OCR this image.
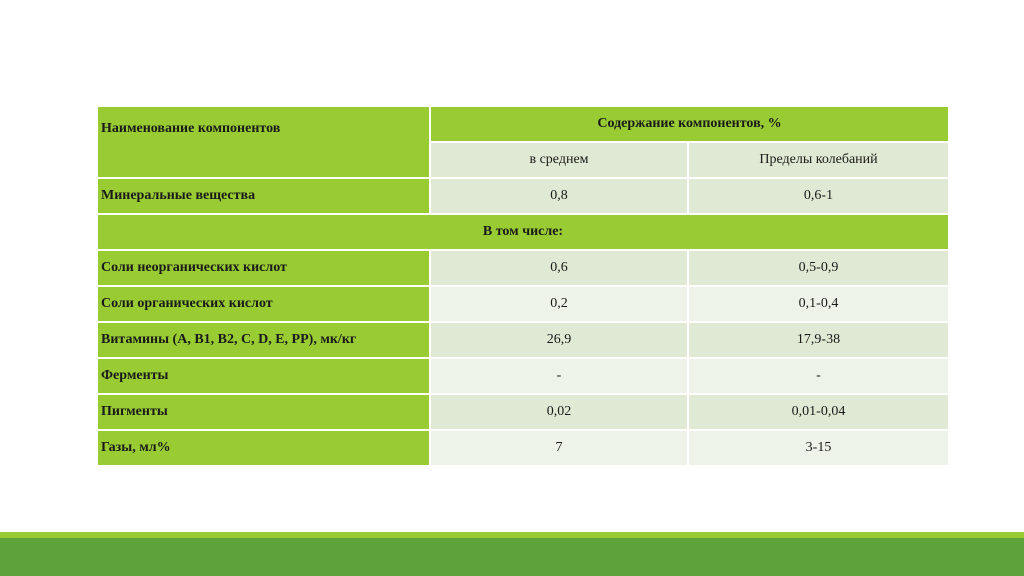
Наименование компонентов	Содержание компонентов, %	
	в среднем	Пределы колебаний
Минеральные вещества	0,8	0,6-1
В том числе:		
Соли неорганических кислот	0,6	0,5-0,9
Соли органических кислот	0,2	0,1-0,4
Витамины (А, В1, В2, С, D, Е, РР), мк/кг	26,9	17,9-38
Ферменты	-	-
Пигменты	0,02	0,01-0,04
Газы, мл%	7	3-15
